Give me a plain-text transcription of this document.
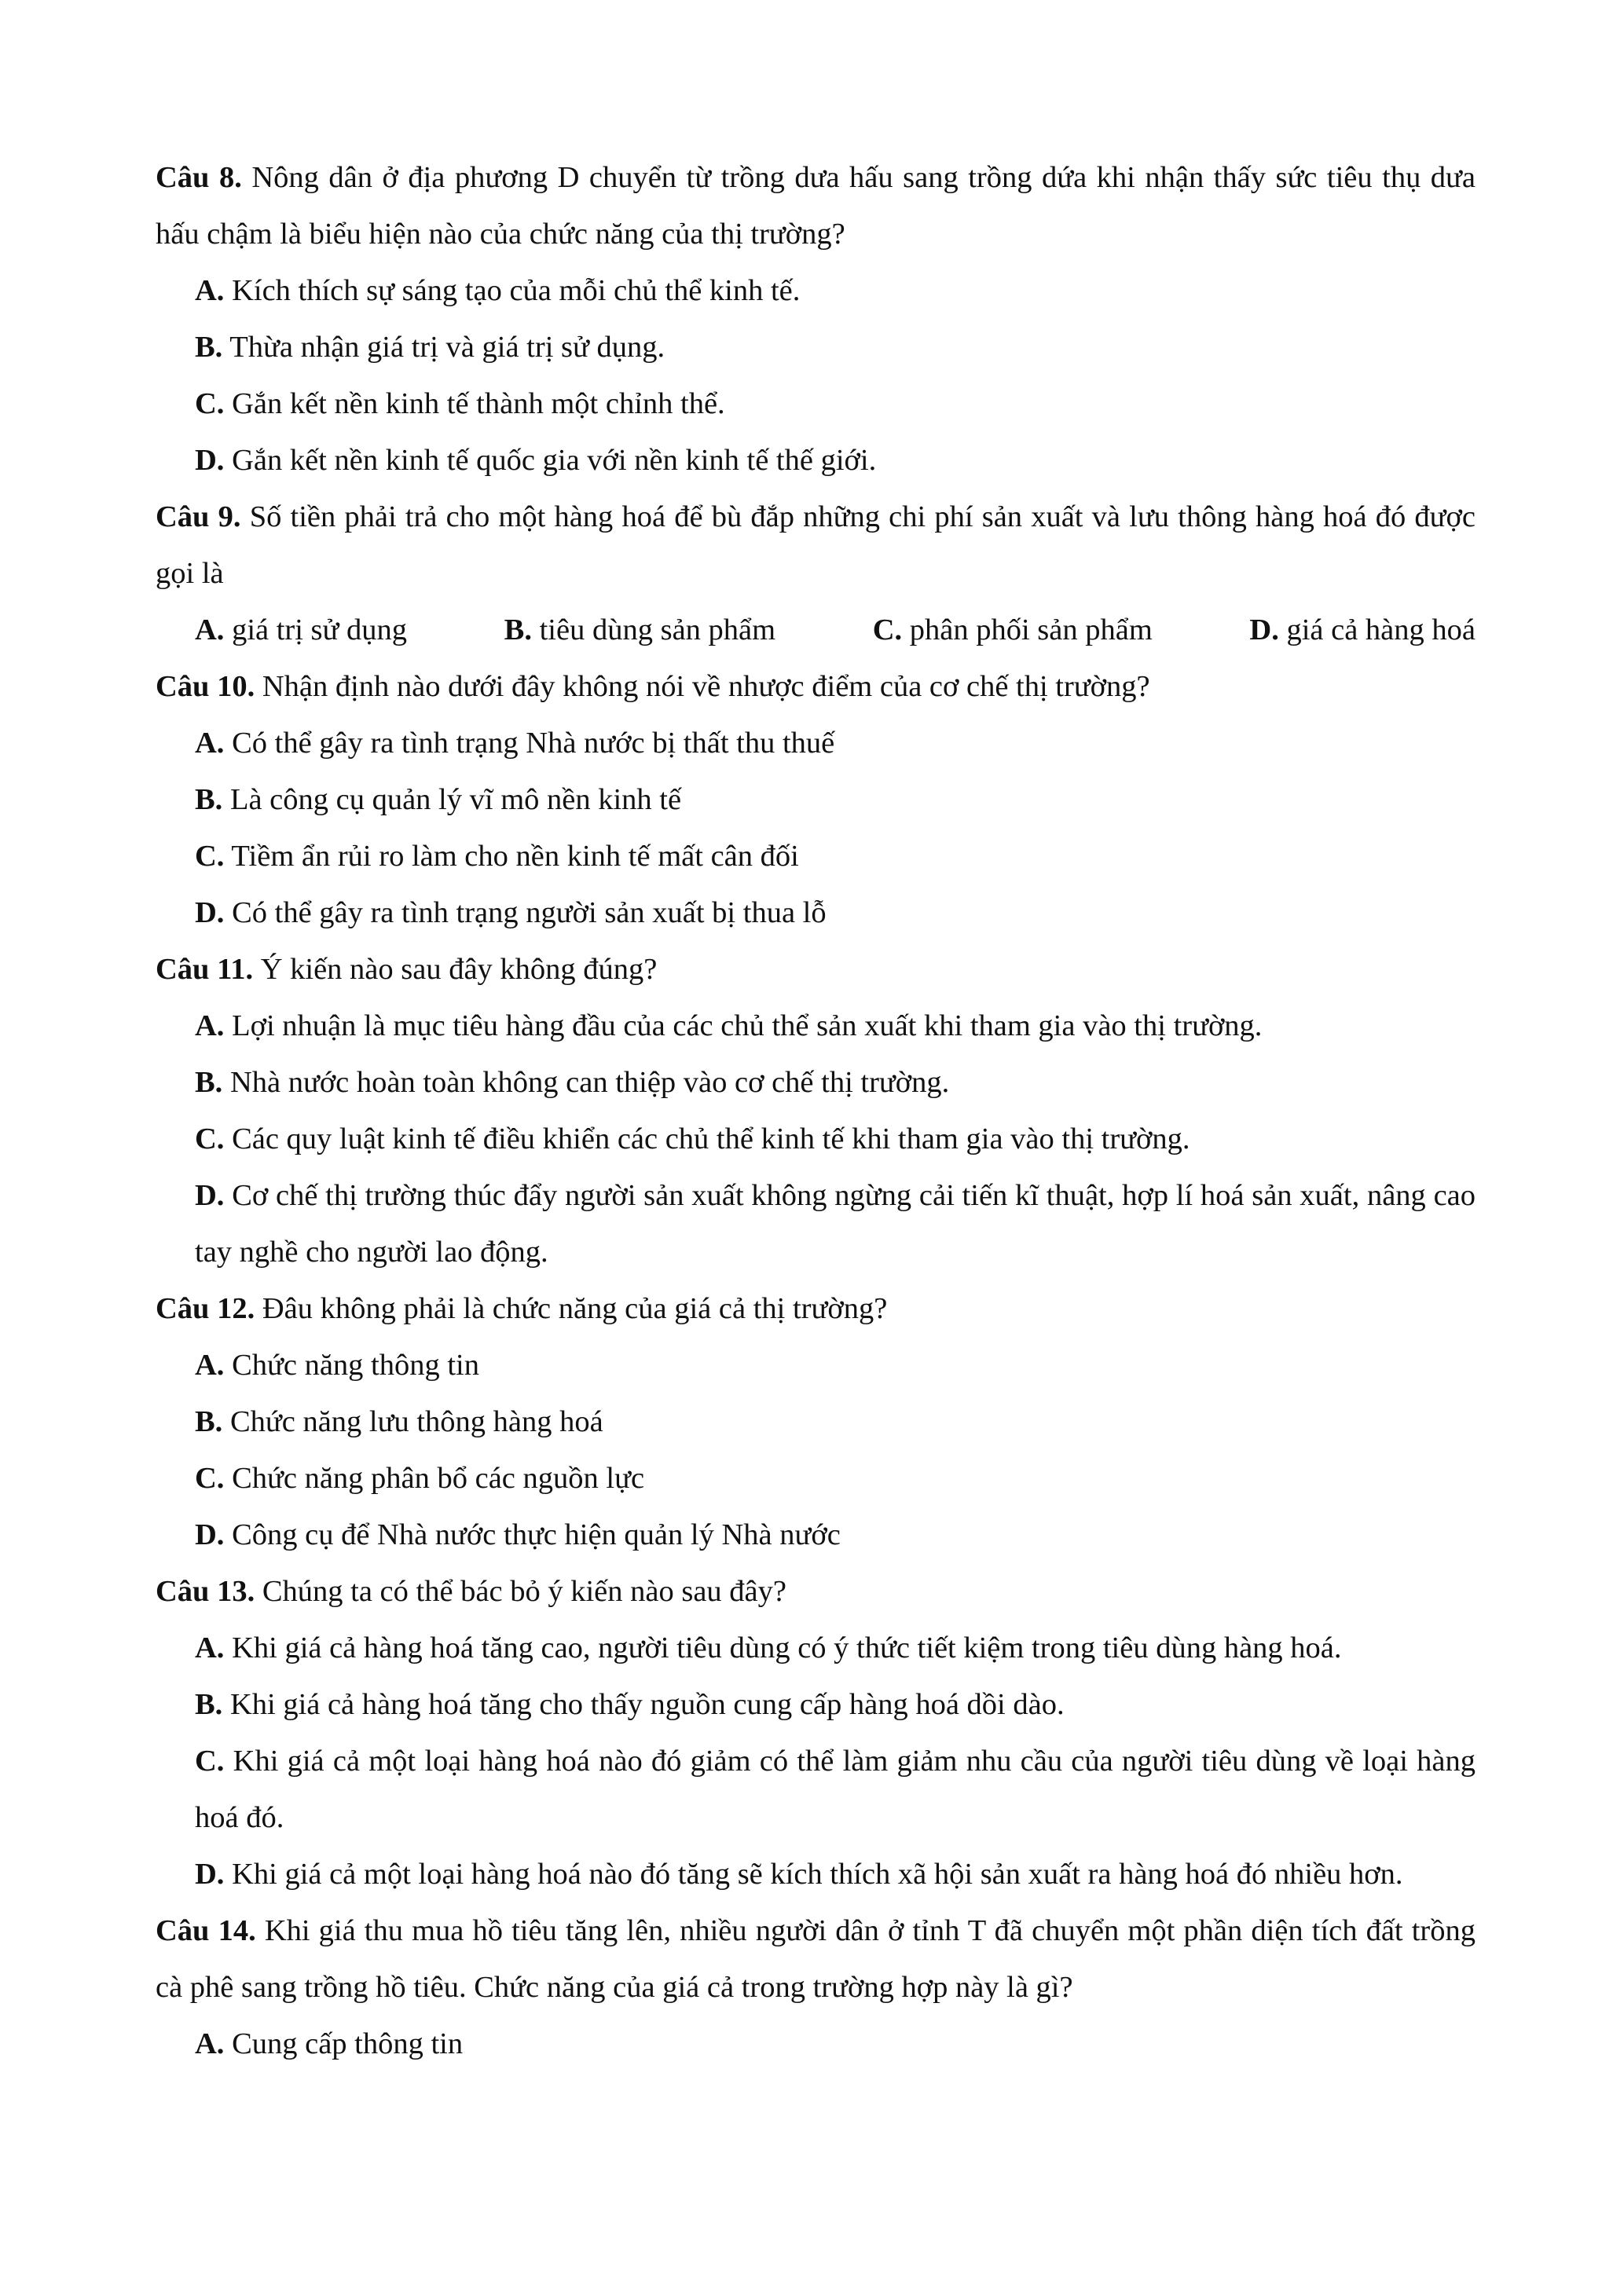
Câu 8. Nông dân ở địa phương D chuyển từ trồng dưa hấu sang trồng dứa khi nhận thấy sức tiêu thụ dưa hấu chậm là biểu hiện nào của chức năng của thị trường?

A. Kích thích sự sáng tạo của mỗi chủ thể kinh tế.

B. Thừa nhận giá trị và giá trị sử dụng.

C. Gắn kết nền kinh tế thành một chỉnh thể.

D. Gắn kết nền kinh tế quốc gia với nền kinh tế thế giới.

Câu 9. Số tiền phải trả cho một hàng hoá để bù đắp những chi phí sản xuất và lưu thông hàng hoá đó được gọi là

A. giá trị sử dụng	B. tiêu dùng sản phẩm	C. phân phối sản phẩm	D. giá cả hàng hoá

Câu 10. Nhận định nào dưới đây không nói về nhược điểm của cơ chế thị trường?

A. Có thể gây ra tình trạng Nhà nước bị thất thu thuế

B. Là công cụ quản lý vĩ mô nền kinh tế

C. Tiềm ẩn rủi ro làm cho nền kinh tế mất cân đối

D. Có thể gây ra tình trạng người sản xuất bị thua lỗ

Câu 11. Ý kiến nào sau đây không đúng?

A. Lợi nhuận là mục tiêu hàng đầu của các chủ thể sản xuất khi tham gia vào thị trường.

B. Nhà nước hoàn toàn không can thiệp vào cơ chế thị trường.

C. Các quy luật kinh tế điều khiển các chủ thể kinh tế khi tham gia vào thị trường.

D. Cơ chế thị trường thúc đẩy người sản xuất không ngừng cải tiến kĩ thuật, hợp lí hoá sản xuất, nâng cao tay nghề cho người lao động.

Câu 12. Đâu không phải là chức năng của giá cả thị trường?

A. Chức năng thông tin

B. Chức năng lưu thông hàng hoá

C. Chức năng phân bổ các nguồn lực

D. Công cụ để Nhà nước thực hiện quản lý Nhà nước

Câu 13. Chúng ta có thể bác bỏ ý kiến nào sau đây?

A. Khi giá cả hàng hoá tăng cao, người tiêu dùng có ý thức tiết kiệm trong tiêu dùng hàng hoá.

B. Khi giá cả hàng hoá tăng cho thấy nguồn cung cấp hàng hoá dồi dào.

C. Khi giá cả một loại hàng hoá nào đó giảm có thể làm giảm nhu cầu của người tiêu dùng về loại hàng hoá đó.

D. Khi giá cả một loại hàng hoá nào đó tăng sẽ kích thích xã hội sản xuất ra hàng hoá đó nhiều hơn.

Câu 14. Khi giá thu mua hồ tiêu tăng lên, nhiều người dân ở tỉnh T đã chuyển một phần diện tích đất trồng cà phê sang trồng hồ tiêu. Chức năng của giá cả trong trường hợp này là gì?

A. Cung cấp thông tin
